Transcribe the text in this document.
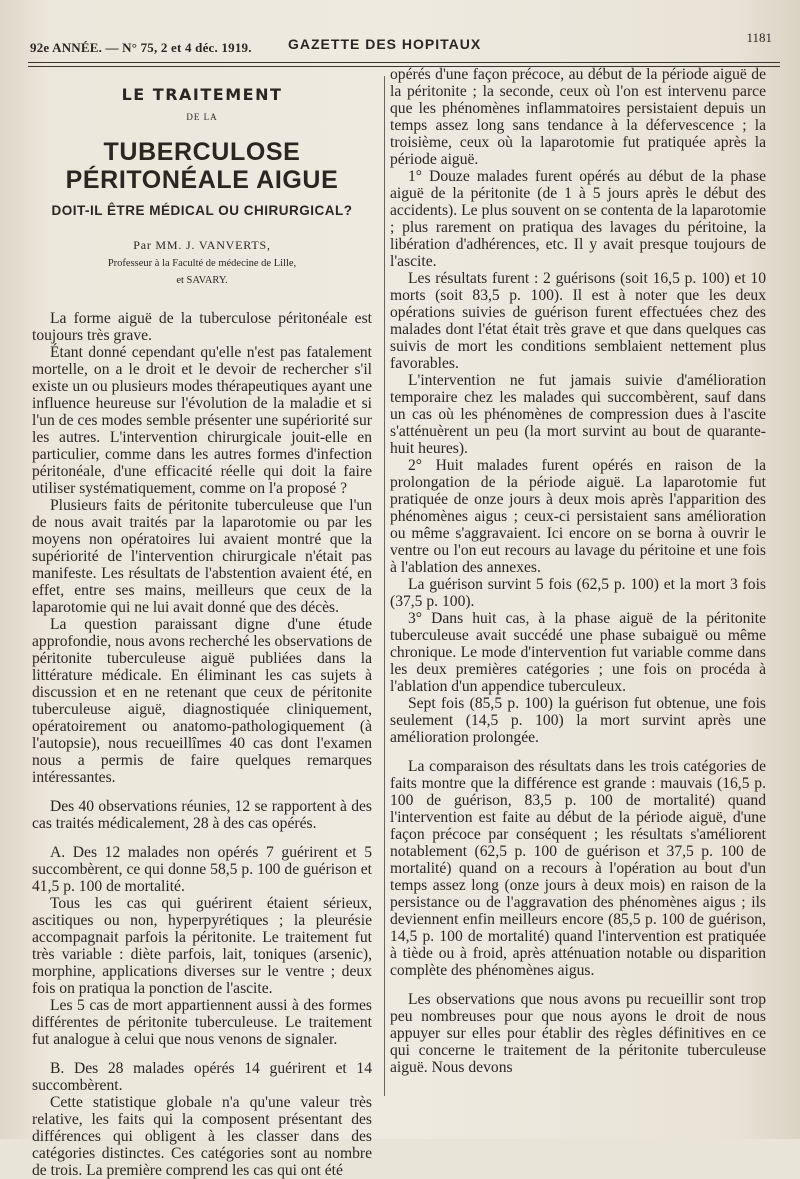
92e ANNÉE. — N° 75, 2 et 4 déc. 1919.	GAZETTE DES HOPITAUX	1181
LE TRAITEMENT
DE LA
TUBERCULOSE PÉRITONÉALE AIGUE
DOIT-IL ÊTRE MÉDICAL OU CHIRURGICAL?
Par MM. J. VANVERTS,
Professeur à la Faculté de médecine de Lille,
et SAVARY.

La forme aiguë de la tuberculose péritonéale est toujours très grave.

Étant donné cependant qu'elle n'est pas fatalement mortelle, on a le droit et le devoir de rechercher s'il existe un ou plusieurs modes thérapeutiques ayant une influence heureuse sur l'évolution de la maladie et si l'un de ces modes semble présenter une supériorité sur les autres. L'intervention chirurgicale jouit-elle en particulier, comme dans les autres formes d'infection péritonéale, d'une efficacité réelle qui doit la faire utiliser systématiquement, comme on l'a proposé ?

Plusieurs faits de péritonite tuberculeuse que l'un de nous avait traités par la laparotomie ou par les moyens non opératoires lui avaient montré que la supériorité de l'intervention chirurgicale n'était pas manifeste. Les résultats de l'abstention avaient été, en effet, entre ses mains, meilleurs que ceux de la laparotomie qui ne lui avait donné que des décès.

La question paraissant digne d'une étude approfondie, nous avons recherché les observations de péritonite tuberculeuse aiguë publiées dans la littérature médicale. En éliminant les cas sujets à discussion et en ne retenant que ceux de péritonite tuberculeuse aiguë, diagnostiquée cliniquement, opératoirement ou anatomo-pathologiquement (à l'autopsie), nous recueillîmes 40 cas dont l'examen nous a permis de faire quelques remarques intéressantes.

Des 40 observations réunies, 12 se rapportent à des cas traités médicalement, 28 à des cas opérés.

A. Des 12 malades non opérés 7 guérirent et 5 succombèrent, ce qui donne 58,5 p. 100 de guérison et 41,5 p. 100 de mortalité.

Tous les cas qui guérirent étaient sérieux, ascitiques ou non, hyperpyrétiques ; la pleurésie accompagnait parfois la péritonite. Le traitement fut très variable : diète parfois, lait, toniques (arsenic), morphine, applications diverses sur le ventre ; deux fois on pratiqua la ponction de l'ascite.

Les 5 cas de mort appartiennent aussi à des formes différentes de péritonite tuberculeuse. Le traitement fut analogue à celui que nous venons de signaler.

B. Des 28 malades opérés 14 guérirent et 14 succombèrent.

Cette statistique globale n'a qu'une valeur très relative, les faits qui la composent présentant des différences qui obligent à les classer dans des catégories distinctes. Ces catégories sont au nombre de trois. La première comprend les cas qui ont été

opérés d'une façon précoce, au début de la période aiguë de la péritonite ; la seconde, ceux où l'on est intervenu parce que les phénomènes inflammatoires persistaient depuis un temps assez long sans tendance à la défervescence ; la troisième, ceux où la laparotomie fut pratiquée après la période aiguë.

1° Douze malades furent opérés au début de la phase aiguë de la péritonite (de 1 à 5 jours après le début des accidents). Le plus souvent on se contenta de la laparotomie ; plus rarement on pratiqua des lavages du péritoine, la libération d'adhérences, etc. Il y avait presque toujours de l'ascite.

Les résultats furent : 2 guérisons (soit 16,5 p. 100) et 10 morts (soit 83,5 p. 100). Il est à noter que les deux opérations suivies de guérison furent effectuées chez des malades dont l'état était très grave et que dans quelques cas suivis de mort les conditions semblaient nettement plus favorables.

L'intervention ne fut jamais suivie d'amélioration temporaire chez les malades qui succombèrent, sauf dans un cas où les phénomènes de compression dues à l'ascite s'atténuèrent un peu (la mort survint au bout de quarante-huit heures).

2° Huit malades furent opérés en raison de la prolongation de la période aiguë. La laparotomie fut pratiquée de onze jours à deux mois après l'apparition des phénomènes aigus ; ceux-ci persistaient sans amélioration ou même s'aggravaient. Ici encore on se borna à ouvrir le ventre ou l'on eut recours au lavage du péritoine et une fois à l'ablation des annexes.

La guérison survint 5 fois (62,5 p. 100) et la mort 3 fois (37,5 p. 100).

3° Dans huit cas, à la phase aiguë de la péritonite tuberculeuse avait succédé une phase subaiguë ou même chronique. Le mode d'intervention fut variable comme dans les deux premières catégories ; une fois on procéda à l'ablation d'un appendice tuberculeux.

Sept fois (85,5 p. 100) la guérison fut obtenue, une fois seulement (14,5 p. 100) la mort survint après une amélioration prolongée.

La comparaison des résultats dans les trois catégories de faits montre que la différence est grande : mauvais (16,5 p. 100 de guérison, 83,5 p. 100 de mortalité) quand l'intervention est faite au début de la période aiguë, d'une façon précoce par conséquent ; les résultats s'améliorent notablement (62,5 p. 100 de guérison et 37,5 p. 100 de mortalité) quand on a recours à l'opération au bout d'un temps assez long (onze jours à deux mois) en raison de la persistance ou de l'aggravation des phénomènes aigus ; ils deviennent enfin meilleurs encore (85,5 p. 100 de guérison, 14,5 p. 100 de mortalité) quand l'intervention est pratiquée à tiède ou à froid, après atténuation notable ou disparition complète des phénomènes aigus.

Les observations que nous avons pu recueillir sont trop peu nombreuses pour que nous ayons le droit de nous appuyer sur elles pour établir des règles définitives en ce qui concerne le traitement de la péritonite tuberculeuse aiguë. Nous devons
